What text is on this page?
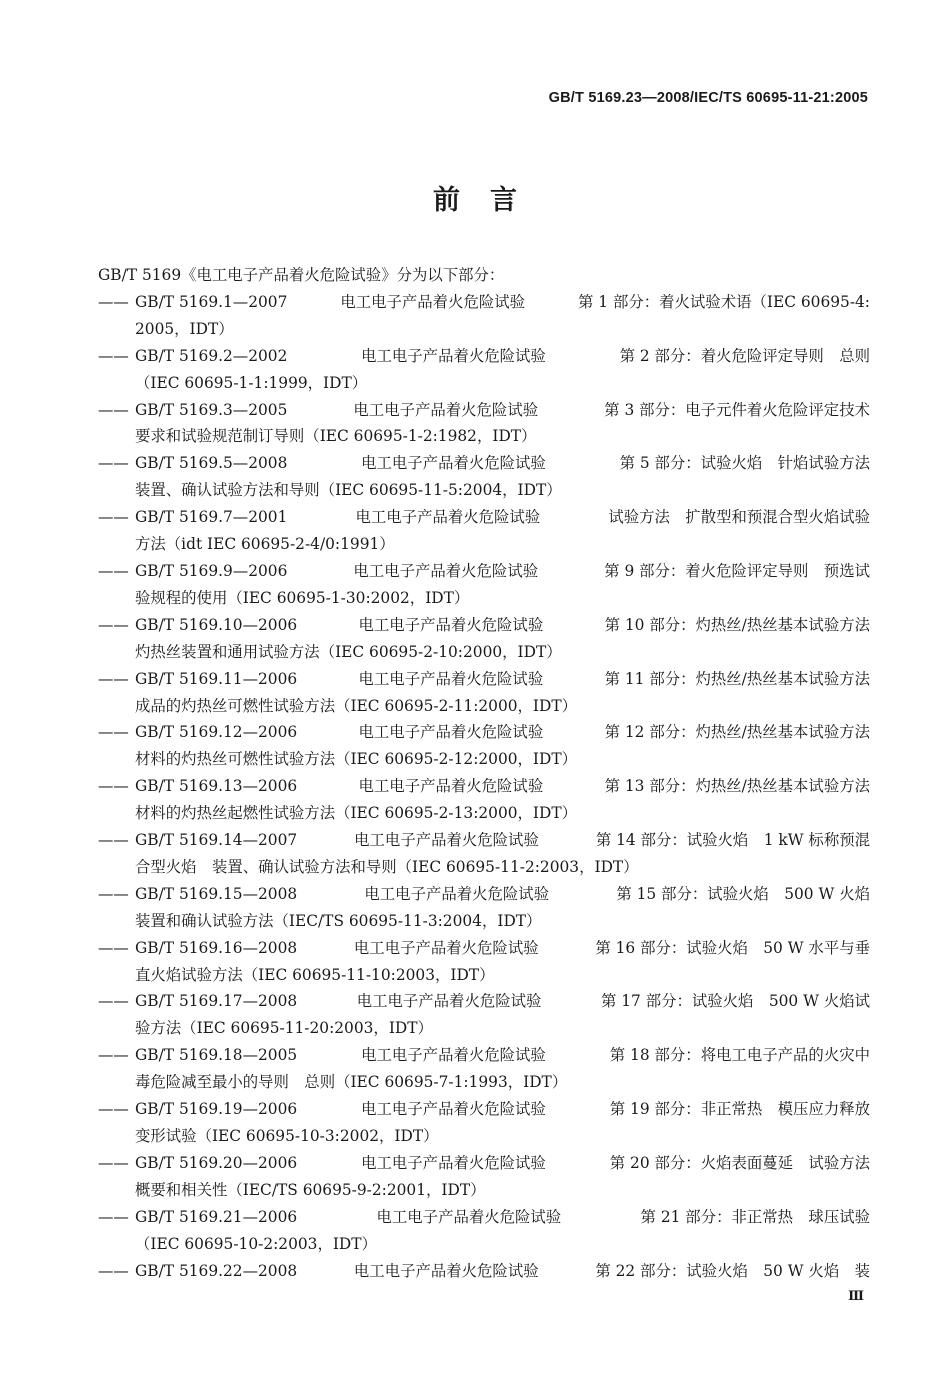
GB/T 5169.23—2008/IEC/TS 60695-11-21:2005
前言
GB/T 5169《电工电子产品着火危险试验》分为以下部分：
—— GB/T 5169.1—2007	电工电子产品着火危险试验	第 1 部分：着火试验术语（IEC 60695-4:
2005，IDT）
—— GB/T 5169.2—2002	电工电子产品着火危险试验	第 2 部分：着火危险评定导则　总则
（IEC 60695-1-1:1999，IDT）
—— GB/T 5169.3—2005	电工电子产品着火危险试验	第 3 部分：电子元件着火危险评定技术
要求和试验规范制订导则（IEC 60695-1-2:1982，IDT）
—— GB/T 5169.5—2008	电工电子产品着火危险试验	第 5 部分：试验火焰　针焰试验方法
装置、确认试验方法和导则（IEC 60695-11-5:2004，IDT）
—— GB/T 5169.7—2001	电工电子产品着火危险试验	试验方法　扩散型和预混合型火焰试验
方法（idt IEC 60695-2-4/0:1991）
—— GB/T 5169.9—2006	电工电子产品着火危险试验	第 9 部分：着火危险评定导则　预选试
验规程的使用（IEC 60695-1-30:2002，IDT）
—— GB/T 5169.10—2006	电工电子产品着火危险试验	第 10 部分：灼热丝/热丝基本试验方法
灼热丝装置和通用试验方法（IEC 60695-2-10:2000，IDT）
—— GB/T 5169.11—2006	电工电子产品着火危险试验	第 11 部分：灼热丝/热丝基本试验方法
成品的灼热丝可燃性试验方法（IEC 60695-2-11:2000，IDT）
—— GB/T 5169.12—2006	电工电子产品着火危险试验	第 12 部分：灼热丝/热丝基本试验方法
材料的灼热丝可燃性试验方法（IEC 60695-2-12:2000，IDT）
—— GB/T 5169.13—2006	电工电子产品着火危险试验	第 13 部分：灼热丝/热丝基本试验方法
材料的灼热丝起燃性试验方法（IEC 60695-2-13:2000，IDT）
—— GB/T 5169.14—2007	电工电子产品着火危险试验	第 14 部分：试验火焰　1 kW 标称预混
合型火焰　装置、确认试验方法和导则（IEC 60695-11-2:2003，IDT）
—— GB/T 5169.15—2008	电工电子产品着火危险试验	第 15 部分：试验火焰　500 W 火焰
装置和确认试验方法（IEC/TS 60695-11-3:2004，IDT）
—— GB/T 5169.16—2008	电工电子产品着火危险试验	第 16 部分：试验火焰　50 W 水平与垂
直火焰试验方法（IEC 60695-11-10:2003，IDT）
—— GB/T 5169.17—2008	电工电子产品着火危险试验	第 17 部分：试验火焰　500 W 火焰试
验方法（IEC 60695-11-20:2003，IDT）
—— GB/T 5169.18—2005	电工电子产品着火危险试验	第 18 部分：将电工电子产品的火灾中
毒危险减至最小的导则　总则（IEC 60695-7-1:1993，IDT）
—— GB/T 5169.19—2006	电工电子产品着火危险试验	第 19 部分：非正常热　模压应力释放
变形试验（IEC 60695-10-3:2002，IDT）
—— GB/T 5169.20—2006	电工电子产品着火危险试验	第 20 部分：火焰表面蔓延　试验方法
概要和相关性（IEC/TS 60695-9-2:2001，IDT）
—— GB/T 5169.21—2006	电工电子产品着火危险试验	第 21 部分：非正常热　球压试验
（IEC 60695-10-2:2003，IDT）
—— GB/T 5169.22—2008	电工电子产品着火危险试验	第 22 部分：试验火焰　50 W 火焰　装
Ⅲ
